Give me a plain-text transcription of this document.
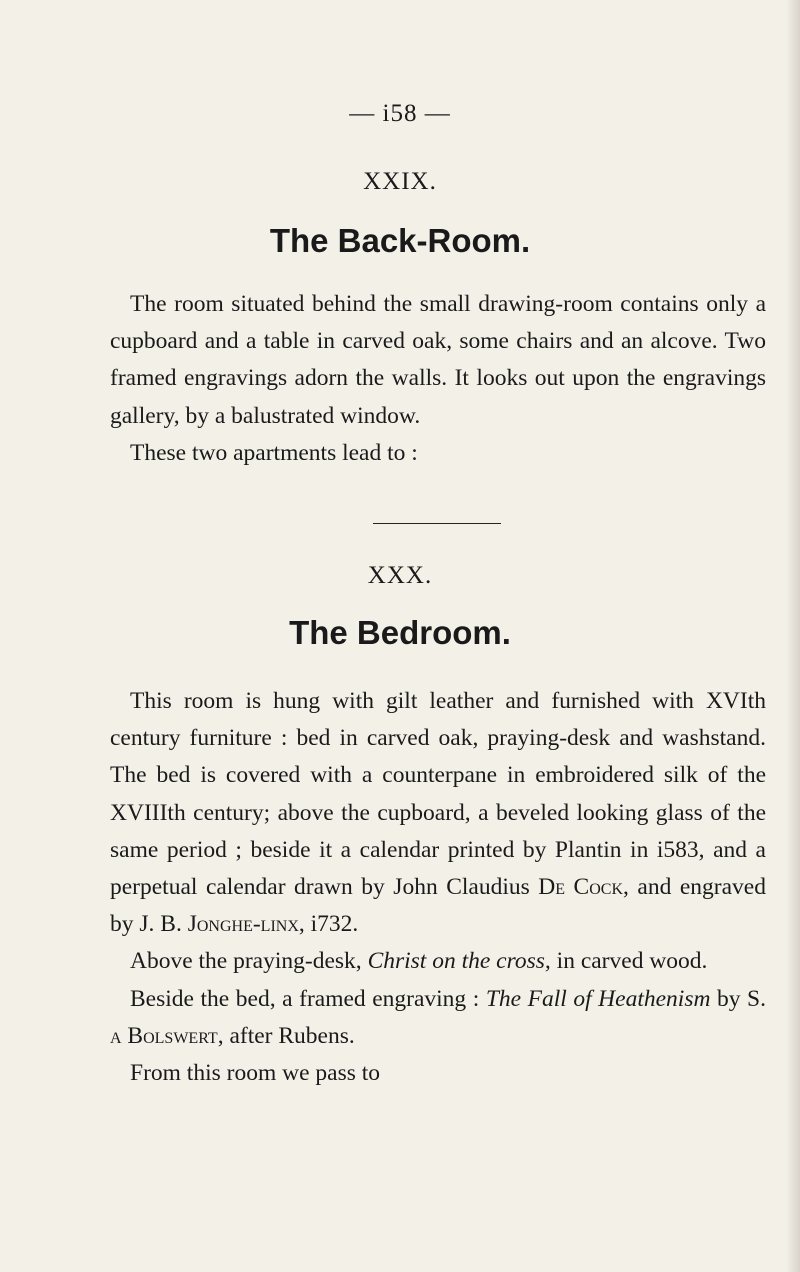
— i58 —
XXIX.
The Back-Room.

The room situated behind the small drawing-room contains only a cupboard and a table in carved oak, some chairs and an alcove. Two framed engravings adorn the walls. It looks out upon the engravings gallery, by a balustrated window.

These two apartments lead to :

XXX.
The Bedroom.

This room is hung with gilt leather and furnished with XVIth century furniture : bed in carved oak, praying-desk and washstand. The bed is covered with a counterpane in embroidered silk of the XVIIIth century; above the cupboard, a beveled looking glass of the same period ; beside it a calendar printed by Plantin in i583, and a perpetual calendar drawn by John Claudius De Cock, and engraved by J. B. Jonghe-linx, i732.

Above the praying-desk, Christ on the cross, in carved wood.

Beside the bed, a framed engraving : The Fall of Heathenism by S. a Bolswert, after Rubens.

From this room we pass to
